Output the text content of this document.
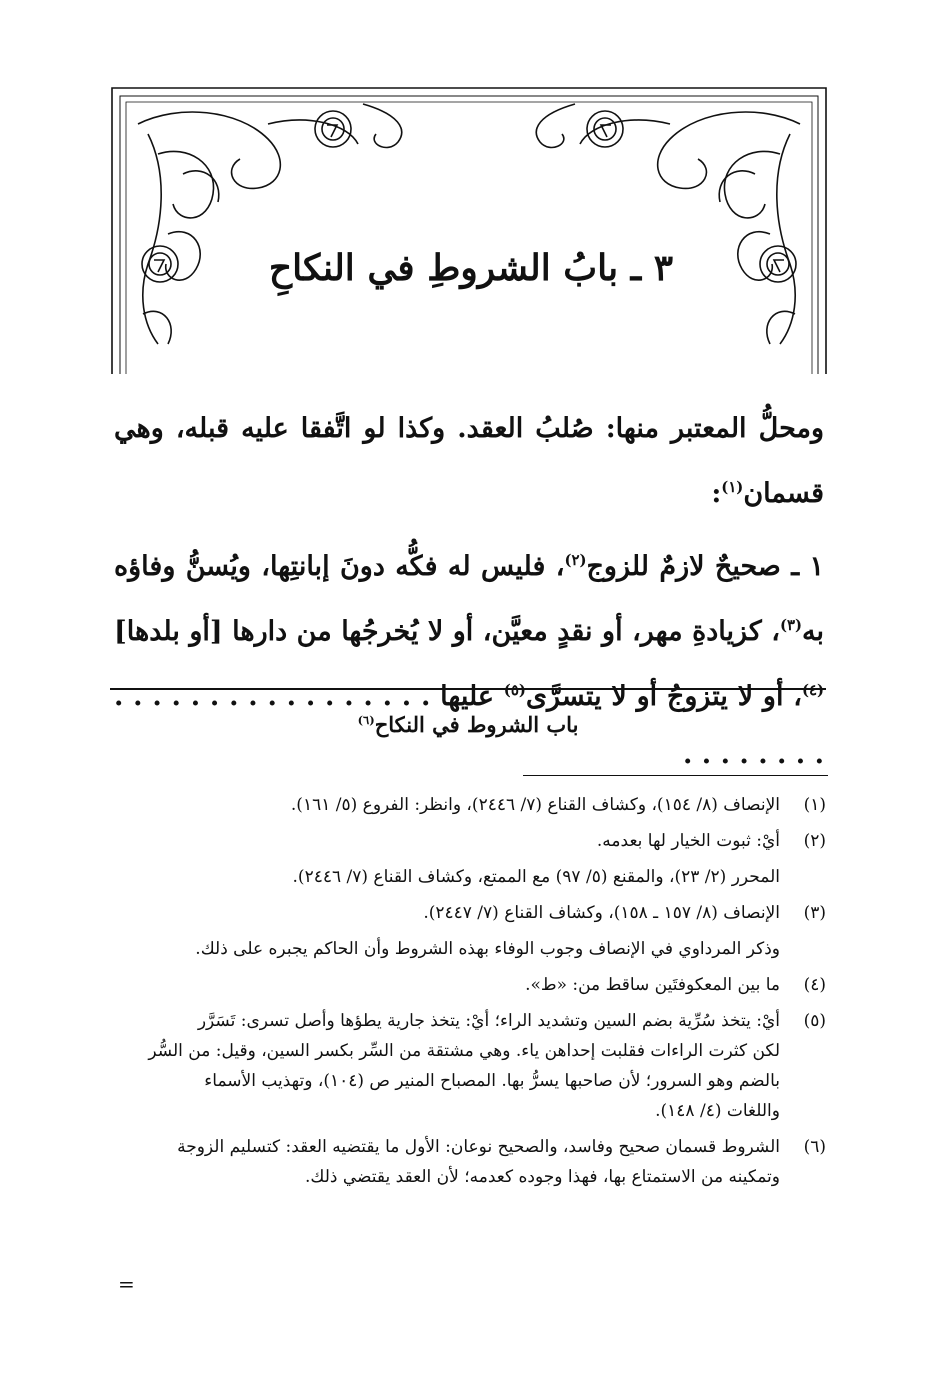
٣ ـ بابُ الشروطِ في النكاحِ

ومحلُّ المعتبر منها: صُلبُ العقد. وكذا لو اتَّفقا عليه قبله، وهي قسمان$^{(١)}$:

١ ـ صحيحٌ لازمٌ للزوج$^{(٢)}$، فليس له فكُّه دونَ إبانتِها، ويُسنُّ وفاؤه به$^{(٣)}$، كزيادةِ مهر، أو نقدٍ معيَّن، أو لا يُخرجُها من دارها [أو بلدها]$^{(٤)}$، أو لا يتزوجُ أو لا يتسرَّى$^{(٥)}$ عليها . . . . . . . . . . . . . . . . . . . . . . . . .

باب الشروط في النكاح$^{(٦)}$
(١)
الإنصاف (٨/ ١٥٤)، وكشاف القناع (٧/ ٢٤٤٦)، وانظر: الفروع (٥/ ١٦١).
(٢)
أيْ: ثبوت الخيار لها بعدمه.
المحرر (٢/ ٢٣)، والمقنع (٥/ ٩٧) مع الممتع، وكشاف القناع (٧/ ٢٤٤٦).
(٣)
الإنصاف (٨/ ١٥٧ ـ ١٥٨)، وكشاف القناع (٧/ ٢٤٤٧).
وذكر المرداوي في الإنصاف وجوب الوفاء بهذه الشروط وأن الحاكم يجبره على ذلك.
(٤)
ما بين المعكوفتَين ساقط من: «ط».
(٥)
أيْ: يتخذ سُرِّية بضم السين وتشديد الراء؛ أيْ: يتخذ جارية يطؤها وأصل تسرى: تَسَرَّر
لكن كثرت الراءات فقلبت إحداهن ياء. وهي مشتقة من السِّر بكسر السين، وقيل: من السُّر
بالضم وهو السرور؛ لأن صاحبها يسرُّ بها. المصباح المنير ص (١٠٤)، وتهذيب الأسماء
واللغات (٤/ ١٤٨).
(٦)
الشروط قسمان صحيح وفاسد، والصحيح نوعان: الأول ما يقتضيه العقد: كتسليم الزوجة
وتمكينه من الاستمتاع بها، فهذا وجوده كعدمه؛ لأن العقد يقتضي ذلك.
=
